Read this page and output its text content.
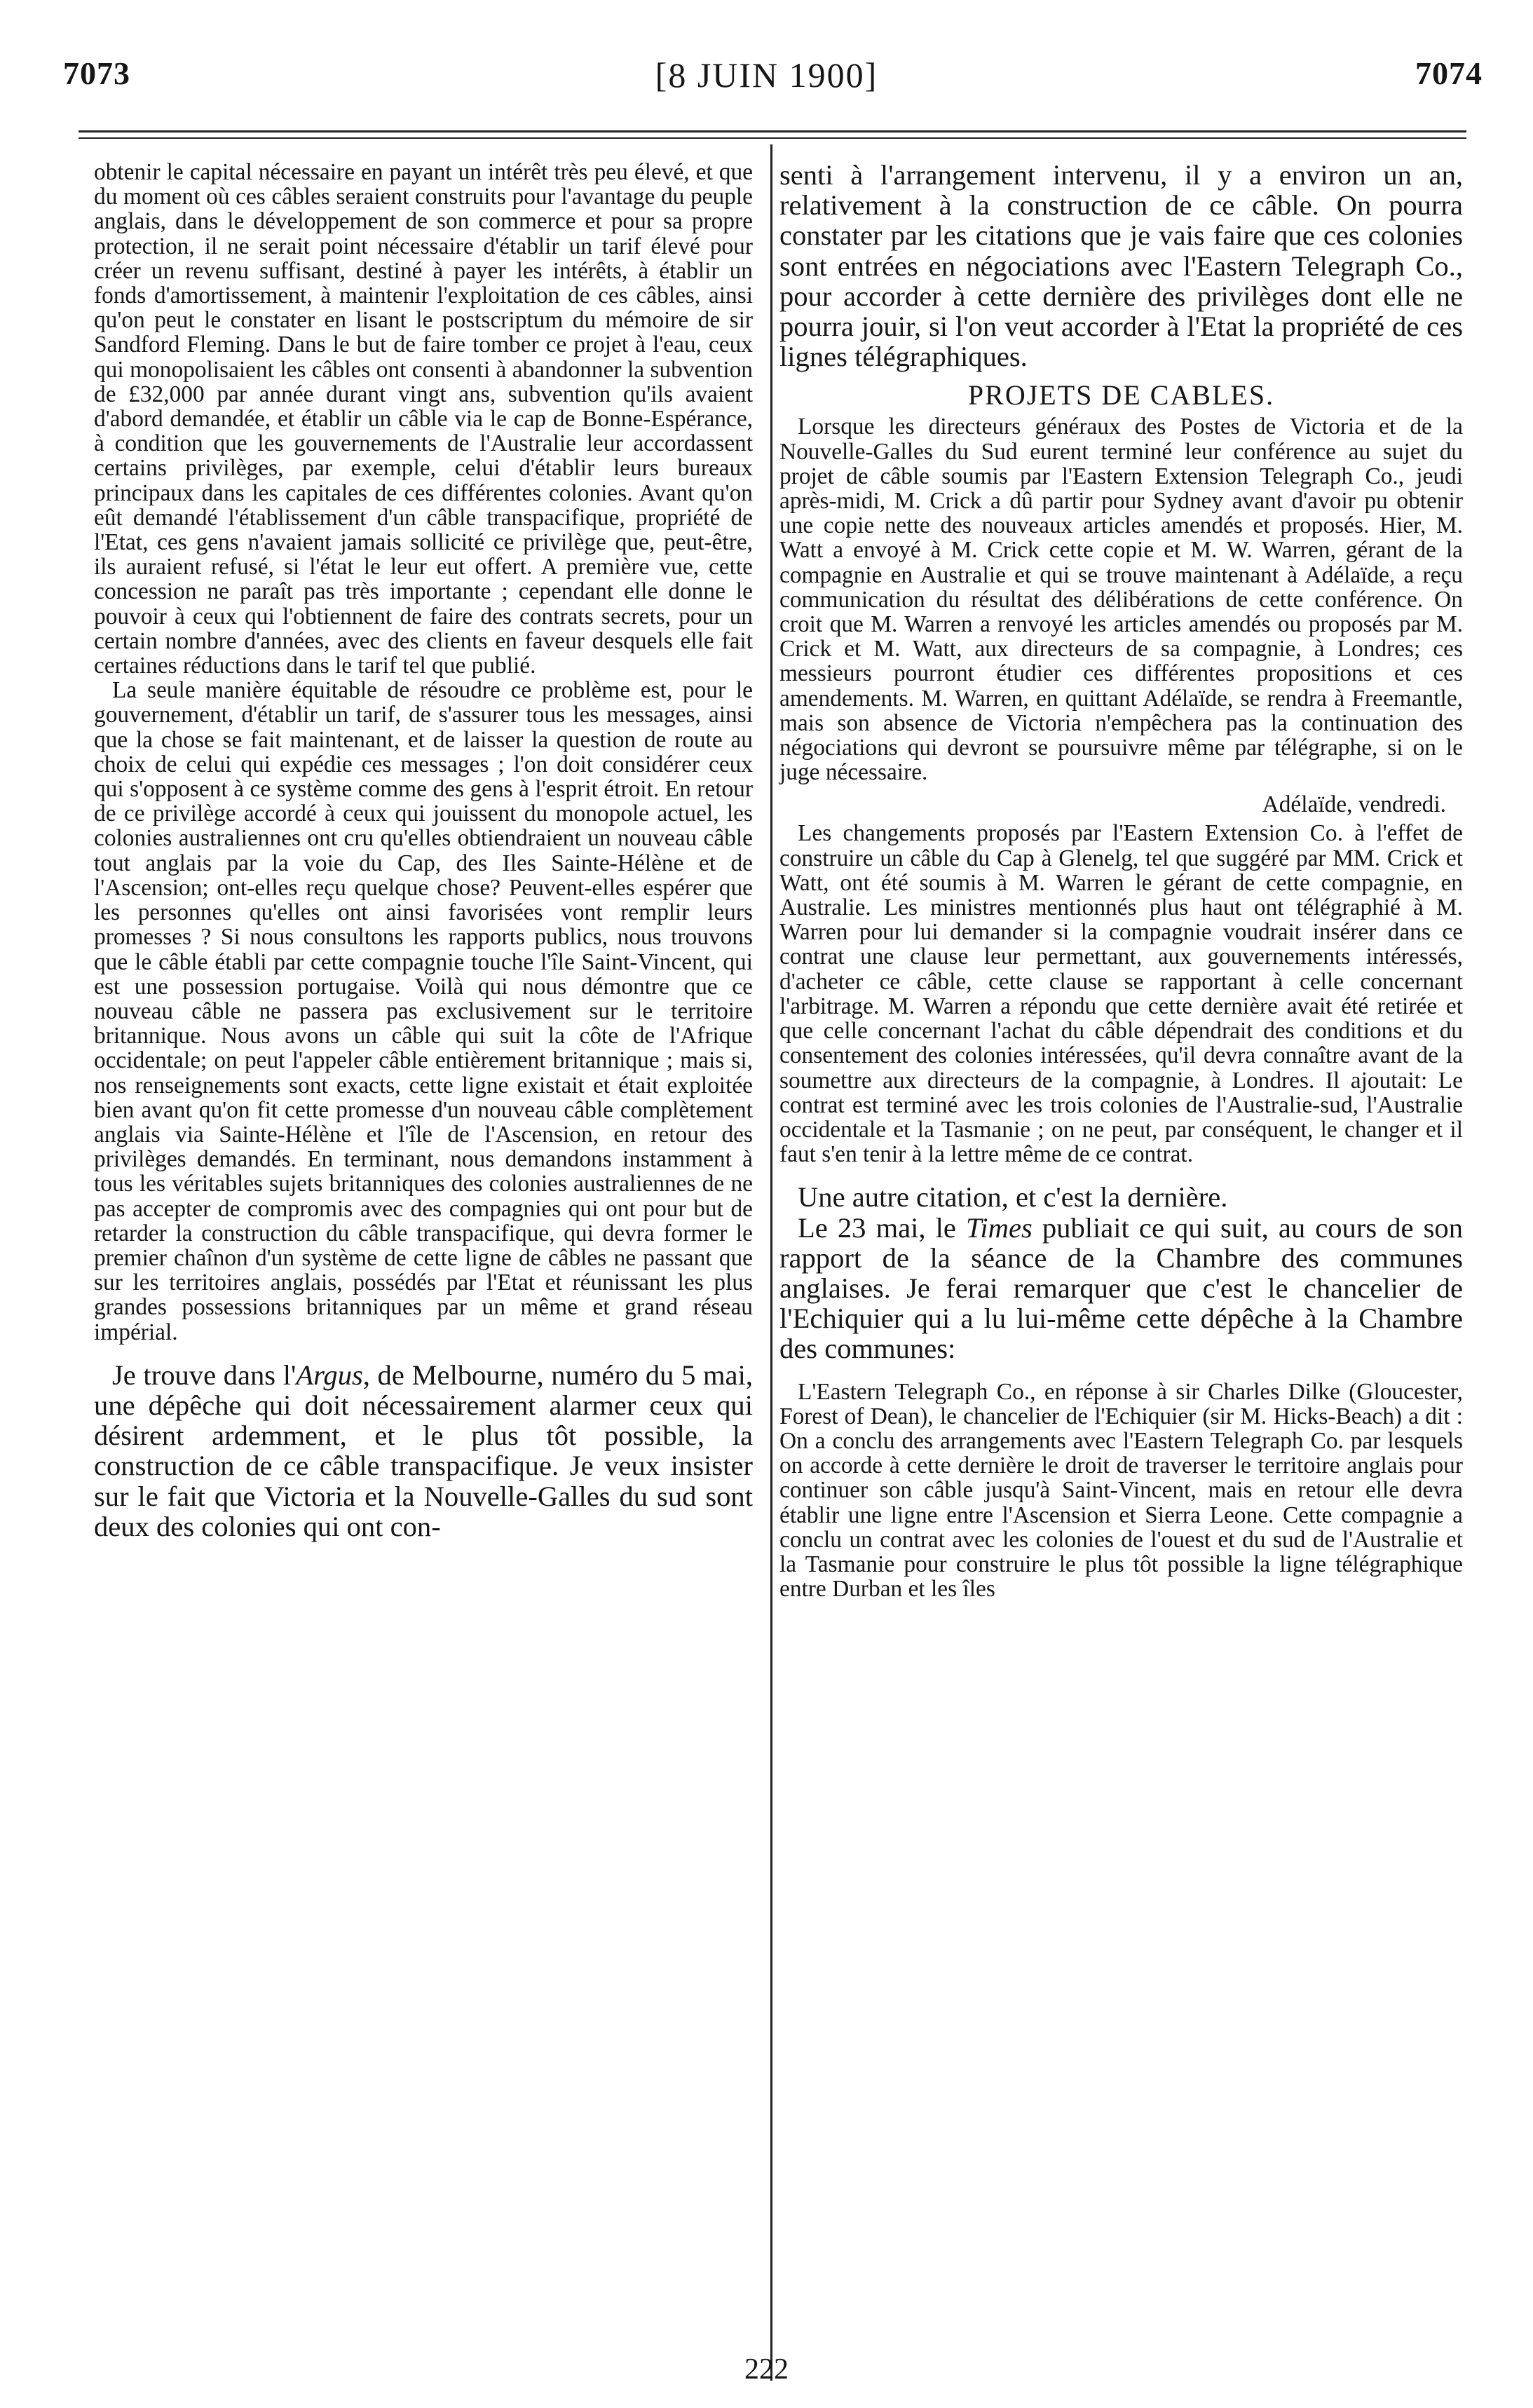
7073	[8 JUIN 1900]	7074

obtenir le capital nécessaire en payant un intérêt très peu élevé, et que du moment où ces câbles seraient construits pour l'avantage du peuple anglais, dans le développement de son commerce et pour sa propre protection, il ne serait point nécessaire d'établir un tarif élevé pour créer un revenu suffisant, destiné à payer les intérêts, à établir un fonds d'amortissement, à maintenir l'exploitation de ces câbles, ainsi qu'on peut le constater en lisant le postscriptum du mémoire de sir Sandford Fleming. Dans le but de faire tomber ce projet à l'eau, ceux qui monopolisaient les câbles ont consenti à abandonner la subvention de £32,000 par année durant vingt ans, subvention qu'ils avaient d'abord demandée, et établir un câble via le cap de Bonne-Espérance, à condition que les gouvernements de l'Australie leur accordassent certains privilèges, par exemple, celui d'établir leurs bureaux principaux dans les capitales de ces différentes colonies. Avant qu'on eût demandé l'établissement d'un câble transpacifique, propriété de l'Etat, ces gens n'avaient jamais sollicité ce privilège que, peut-être, ils auraient refusé, si l'état le leur eut offert. A première vue, cette concession ne paraît pas très importante ; cependant elle donne le pouvoir à ceux qui l'obtiennent de faire des contrats secrets, pour un certain nombre d'années, avec des clients en faveur desquels elle fait certaines réductions dans le tarif tel que publié.

La seule manière équitable de résoudre ce problème est, pour le gouvernement, d'établir un tarif, de s'assurer tous les messages, ainsi que la chose se fait maintenant, et de laisser la question de route au choix de celui qui expédie ces messages ; l'on doit considérer ceux qui s'opposent à ce système comme des gens à l'esprit étroit. En retour de ce privilège accordé à ceux qui jouissent du monopole actuel, les colonies australiennes ont cru qu'elles obtiendraient un nouveau câble tout anglais par la voie du Cap, des Iles Sainte-Hélène et de l'Ascension; ont-elles reçu quelque chose? Peuvent-elles espérer que les personnes qu'elles ont ainsi favorisées vont remplir leurs promesses ? Si nous consultons les rapports publics, nous trouvons que le câble établi par cette compagnie touche l'île Saint-Vincent, qui est une possession portugaise. Voilà qui nous démontre que ce nouveau câble ne passera pas exclusivement sur le territoire britannique. Nous avons un câble qui suit la côte de l'Afrique occidentale; on peut l'appeler câble entièrement britannique ; mais si, nos renseignements sont exacts, cette ligne existait et était exploitée bien avant qu'on fit cette promesse d'un nouveau câble complètement anglais via Sainte-Hélène et l'île de l'Ascension, en retour des privilèges demandés. En terminant, nous demandons instamment à tous les véritables sujets britanniques des colonies australiennes de ne pas accepter de compromis avec des compagnies qui ont pour but de retarder la construction du câble transpacifique, qui devra former le premier chaînon d'un système de cette ligne de câbles ne passant que sur les territoires anglais, possédés par l'Etat et réunissant les plus grandes possessions britanniques par un même et grand réseau impérial.

Je trouve dans l'Argus, de Melbourne, numéro du 5 mai, une dépêche qui doit nécessairement alarmer ceux qui désirent ardemment, et le plus tôt possible, la construction de ce câble transpacifique. Je veux insister sur le fait que Victoria et la Nouvelle-Galles du sud sont deux des colonies qui ont con-

senti à l'arrangement intervenu, il y a environ un an, relativement à la construction de ce câble. On pourra constater par les citations que je vais faire que ces colonies sont entrées en négociations avec l'Eastern Telegraph Co., pour accorder à cette dernière des privilèges dont elle ne pourra jouir, si l'on veut accorder à l'Etat la propriété de ces lignes télégraphiques.

PROJETS DE CABLES.

Lorsque les directeurs généraux des Postes de Victoria et de la Nouvelle-Galles du Sud eurent terminé leur conférence au sujet du projet de câble soumis par l'Eastern Extension Telegraph Co., jeudi après-midi, M. Crick a dû partir pour Sydney avant d'avoir pu obtenir une copie nette des nouveaux articles amendés et proposés. Hier, M. Watt a envoyé à M. Crick cette copie et M. W. Warren, gérant de la compagnie en Australie et qui se trouve maintenant à Adélaïde, a reçu communication du résultat des délibérations de cette conférence. On croit que M. Warren a renvoyé les articles amendés ou proposés par M. Crick et M. Watt, aux directeurs de sa compagnie, à Londres; ces messieurs pourront étudier ces différentes propositions et ces amendements. M. Warren, en quittant Adélaïde, se rendra à Freemantle, mais son absence de Victoria n'empêchera pas la continuation des négociations qui devront se poursuivre même par télégraphe, si on le juge nécessaire.

Adélaïde, vendredi.

Les changements proposés par l'Eastern Extension Co. à l'effet de construire un câble du Cap à Glenelg, tel que suggéré par MM. Crick et Watt, ont été soumis à M. Warren le gérant de cette compagnie, en Australie. Les ministres mentionnés plus haut ont télégraphié à M. Warren pour lui demander si la compagnie voudrait insérer dans ce contrat une clause leur permettant, aux gouvernements intéressés, d'acheter ce câble, cette clause se rapportant à celle concernant l'arbitrage. M. Warren a répondu que cette dernière avait été retirée et que celle concernant l'achat du câble dépendrait des conditions et du consentement des colonies intéressées, qu'il devra connaître avant de la soumettre aux directeurs de la compagnie, à Londres. Il ajoutait: Le contrat est terminé avec les trois colonies de l'Australie-sud, l'Australie occidentale et la Tasmanie ; on ne peut, par conséquent, le changer et il faut s'en tenir à la lettre même de ce contrat.

Une autre citation, et c'est la dernière.

Le 23 mai, le Times publiait ce qui suit, au cours de son rapport de la séance de la Chambre des communes anglaises. Je ferai remarquer que c'est le chancelier de l'Echiquier qui a lu lui-même cette dépêche à la Chambre des communes:

L'Eastern Telegraph Co., en réponse à sir Charles Dilke (Gloucester, Forest of Dean), le chancelier de l'Echiquier (sir M. Hicks-Beach) a dit : On a conclu des arrangements avec l'Eastern Telegraph Co. par lesquels on accorde à cette dernière le droit de traverser le territoire anglais pour continuer son câble jusqu'à Saint-Vincent, mais en retour elle devra établir une ligne entre l'Ascension et Sierra Leone. Cette compagnie a conclu un contrat avec les colonies de l'ouest et du sud de l'Australie et la Tasmanie pour construire le plus tôt possible la ligne télégraphique entre Durban et les îles

222
